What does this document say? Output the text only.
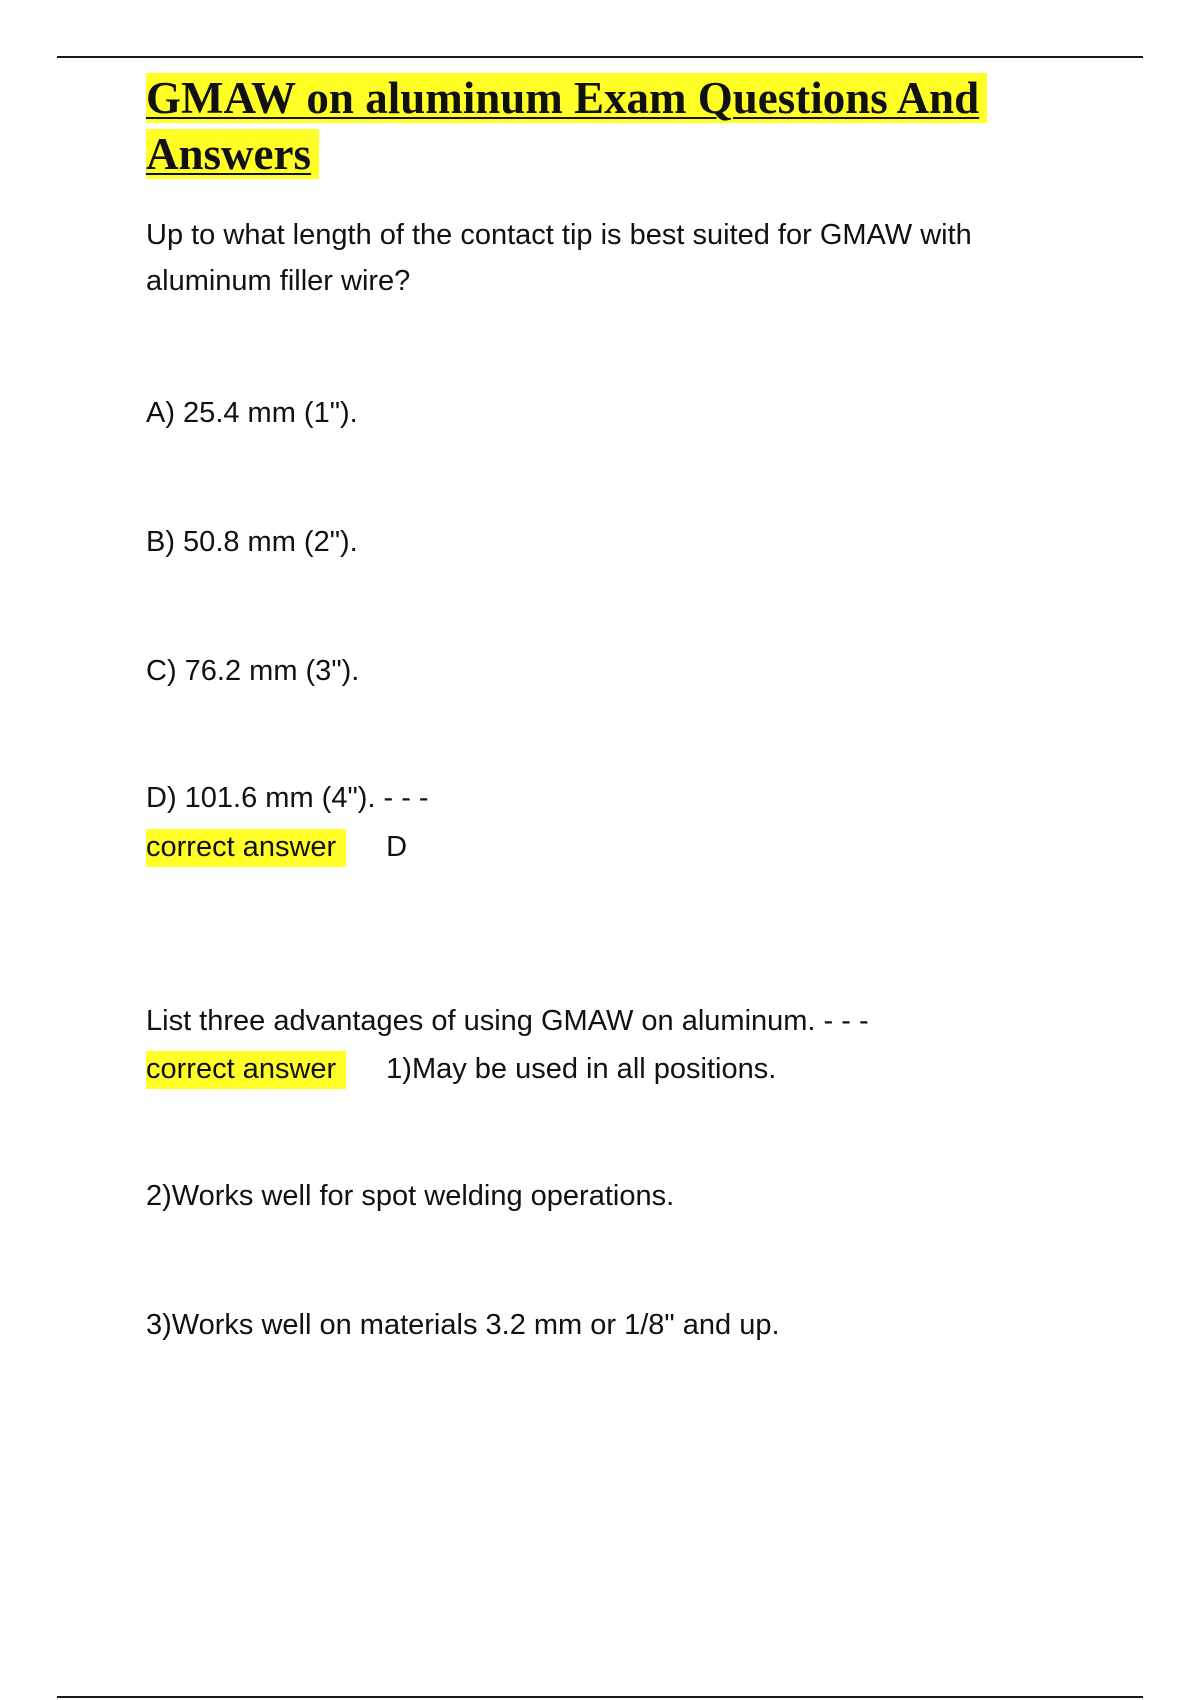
GMAW on aluminum Exam Questions And Answers

Up to what length of the contact tip is best suited for GMAW with aluminum filler wire?

A) 25.4 mm (1").

B) 50.8 mm (2").

C) 76.2 mm (3").

D) 101.6 mm (4"). - - -

correct answer D

List three advantages of using GMAW on aluminum. - - -

correct answer 1)May be used in all positions.

2)Works well for spot welding operations.

3)Works well on materials 3.2 mm or 1/8" and up.
